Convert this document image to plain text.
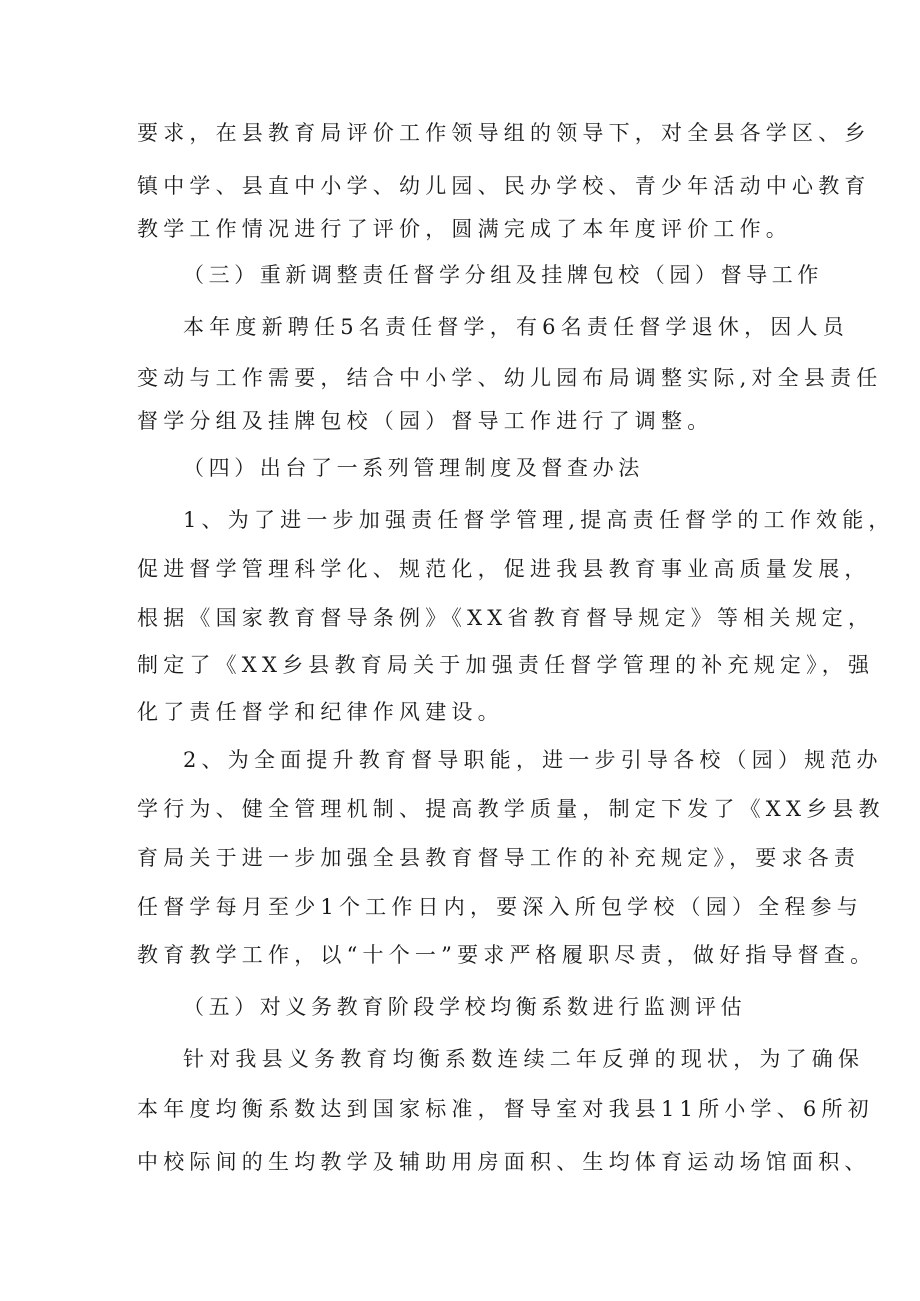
要求，在县教育局评价工作领导组的领导下，对全县各学区、乡
镇中学、县直中小学、幼儿园、民办学校、青少年活动中心教育
教学工作情况进行了评价，圆满完成了本年度评价工作。
（三）重新调整责任督学分组及挂牌包校（园）督导工作
本年度新聘任5名责任督学，有6名责任督学退休，因人员
变动与工作需要，结合中小学、幼儿园布局调整实际,对全县责任
督学分组及挂牌包校（园）督导工作进行了调整。
（四）出台了一系列管理制度及督查办法
1、为了进一步加强责任督学管理,提高责任督学的工作效能，
促进督学管理科学化、规范化，促进我县教育事业高质量发展，
根据《国家教育督导条例》《XX省教育督导规定》等相关规定，
制定了《XX乡县教育局关于加强责任督学管理的补充规定》，强
化了责任督学和纪律作风建设。
2、为全面提升教育督导职能，进一步引导各校（园）规范办
学行为、健全管理机制、提高教学质量，制定下发了《XX乡县教
育局关于进一步加强全县教育督导工作的补充规定》，要求各责
任督学每月至少1个工作日内，要深入所包学校（园）全程参与
教育教学工作，以“十个一”要求严格履职尽责，做好指导督查。
（五）对义务教育阶段学校均衡系数进行监测评估
针对我县义务教育均衡系数连续二年反弹的现状，为了确保
本年度均衡系数达到国家标准，督导室对我县11所小学、6所初
中校际间的生均教学及辅助用房面积、生均体育运动场馆面积、
